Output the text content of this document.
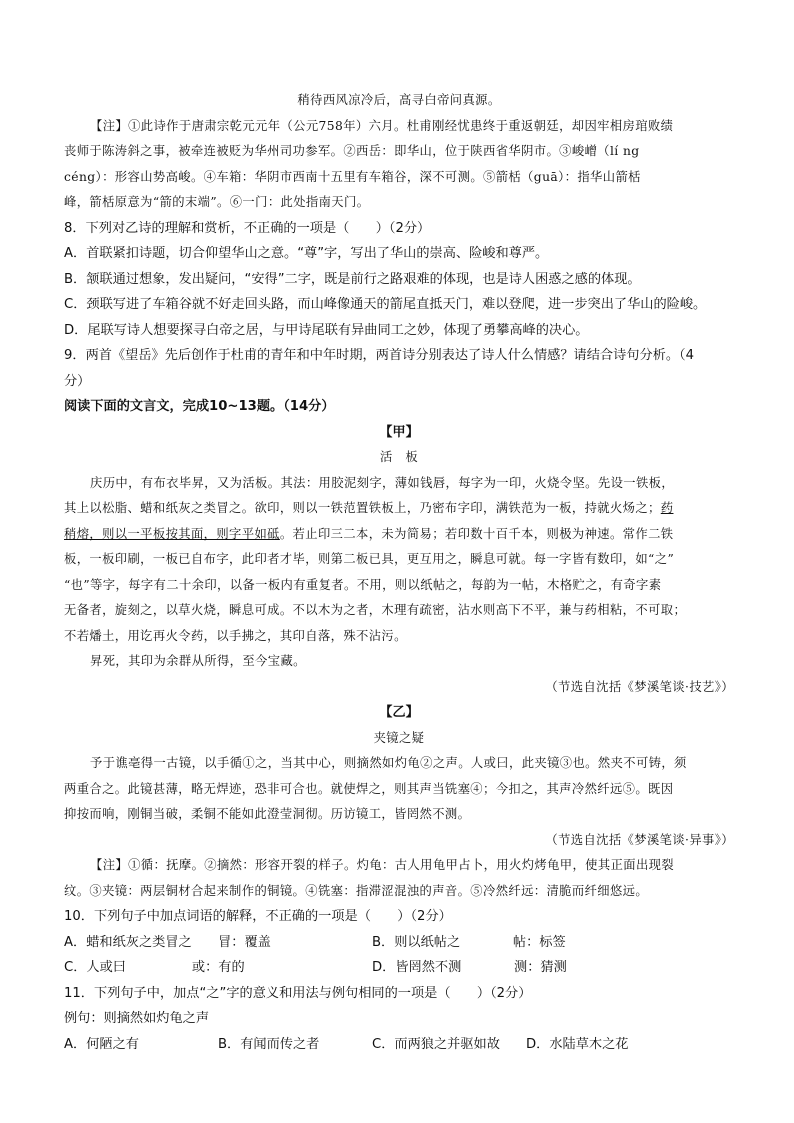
稍待西风凉冷后，高寻白帝问真源。
【注】①此诗作于唐肃宗乾元元年（公元758年）六月。杜甫刚经忧患终于重返朝廷，却因牢相房琯败绩
丧师于陈涛斜之事，被牵连被贬为华州司功参军。②西岳：即华山，位于陕西省华阴市。③峻嶒（lí ng
céng）：形容山势高峻。④车箱：华阴市西南十五里有车箱谷，深不可测。⑤箭栝（guā）：指华山箭栝
峰，箭栝原意为“箭的末端”。⑥一门：此处指南天门。
8．下列对乙诗的理解和赏析，不正确的一项是（　　）（2分）
A．首联紧扣诗题，切合仰望华山之意。“尊”字，写出了华山的崇高、险峻和尊严。
B．颔联通过想象，发出疑问，“安得”二字，既是前行之路艰难的体现，也是诗人困惑之感的体现。
C．颈联写进了车箱谷就不好走回头路，而山峰像通天的箭尾直抵天门，难以登爬，进一步突出了华山的险峻。
D．尾联写诗人想要探寻白帝之居，与甲诗尾联有异曲同工之妙，体现了勇攀高峰的决心。
9．两首《望岳》先后创作于杜甫的青年和中年时期，两首诗分别表达了诗人什么情感？请结合诗句分析。（4
分）
阅读下面的文言文，完成10~13题。（14分）
【甲】
活　板
庆历中，有布衣毕昇，又为活板。其法：用胶泥刻字，薄如钱唇，每字为一印，火烧令坚。先设一铁板，
其上以松脂、蜡和纸灰之类冒之。欲印，则以一铁范置铁板上，乃密布字印，满铁范为一板，持就火炀之；药
稍熔，则以一平板按其面，则字平如砥。若止印三二本，未为简易；若印数十百千本，则极为神速。常作二铁
板，一板印刷，一板已自布字，此印者才毕，则第二板已具，更互用之，瞬息可就。每一字皆有数印，如“之”
“也”等字，每字有二十余印，以备一板内有重复者。不用，则以纸帖之，每韵为一帖，木格贮之，有奇字素
无备者，旋刻之，以草火烧，瞬息可成。不以木为之者，木理有疏密，沾水则高下不平，兼与药相粘，不可取；
不若燔土，用讫再火令药，以手拂之，其印自落，殊不沾污。
昇死，其印为余群从所得，至今宝藏。
（节选自沈括《梦溪笔谈·技艺》）
【乙】
夹镜之疑
予于谯亳得一古镜，以手循①之，当其中心，则摘然如灼龟②之声。人或曰，此夹镜③也。然夹不可铸，须
两重合之。此镜甚薄，略无焊迹，恐非可合也。就使焊之，则其声当铣塞④；今扣之，其声冷然纤远⑤。既因
抑按而响，刚铜当破，柔铜不能如此澄莹洞彻。历访镜工，皆罔然不测。
（节选自沈括《梦溪笔谈·异事》）
【注】①循：抚摩。②摘然：形容开裂的样子。灼龟：古人用龟甲占卜，用火灼烤龟甲，使其正面出现裂
纹。③夹镜：两层铜材合起来制作的铜镜。④铣塞：指滞涩混浊的声音。⑤冷然纤远：清脆而纤细悠远。
10．下列句子中加点词语的解释，不正确的一项是（　　）（2分）
A．蜡和纸灰之类冒之　　冒：覆盖	B．则以纸帖之　　　　帖：标签
C．人或曰　　　　　或：有的	D．皆罔然不测　　　　测：猜测
11．下列句子中，加点“之”字的意义和用法与例句相同的一项是（　　）（2分）
例句：则摘然如灼龟之声
A．何陋之有	B．有闻而传之者	C．而两狼之并驱如故	D．水陆草木之花
